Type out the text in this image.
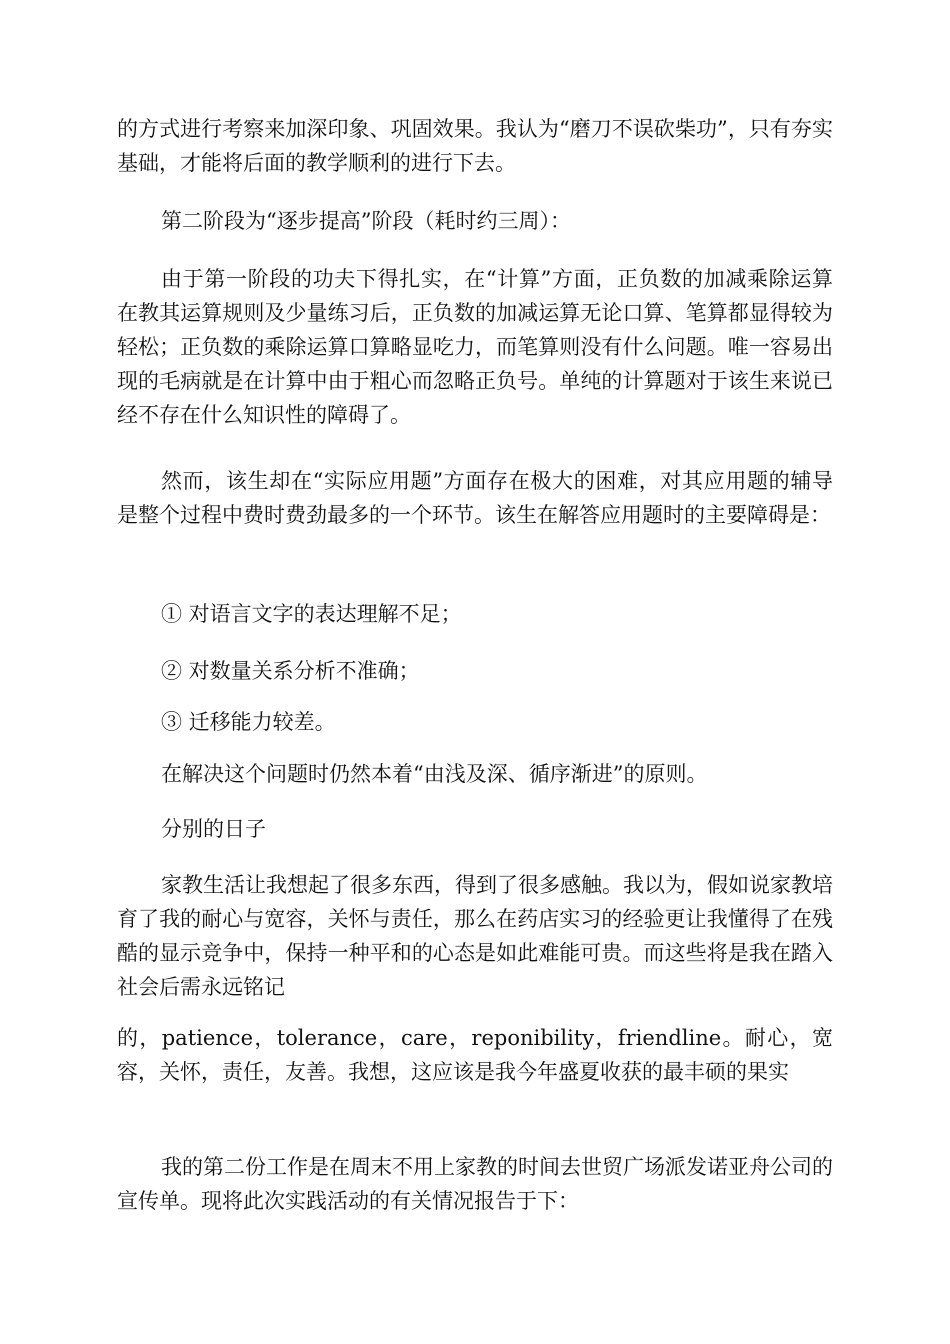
的方式进行考察来加深印象、巩固效果。我认为“磨刀不误砍柴功”，只有夯实基础，才能将后面的教学顺利的进行下去。

第二阶段为“逐步提高”阶段（耗时约三周）：

由于第一阶段的功夫下得扎实，在“计算”方面，正负数的加减乘除运算在教其运算规则及少量练习后，正负数的加减运算无论口算、笔算都显得较为轻松；正负数的乘除运算口算略显吃力，而笔算则没有什么问题。唯一容易出现的毛病就是在计算中由于粗心而忽略正负号。单纯的计算题对于该生来说已经不存在什么知识性的障碍了。

然而，该生却在“实际应用题”方面存在极大的困难，对其应用题的辅导是整个过程中费时费劲最多的一个环节。该生在解答应用题时的主要障碍是：

① 对语言文字的表达理解不足；

② 对数量关系分析不准确；

③ 迁移能力较差。

在解决这个问题时仍然本着“由浅及深、循序渐进”的原则。

分别的日子

家教生活让我想起了很多东西，得到了很多感触。我以为，假如说家教培育了我的耐心与宽容，关怀与责任，那么在药店实习的经验更让我懂得了在残酷的显示竞争中，保持一种平和的心态是如此难能可贵。而这些将是我在踏入社会后需永远铭记

的，patience，tolerance，care，reponibility，friendline。耐心，宽容，关怀，责任，友善。我想，这应该是我今年盛夏收获的最丰硕的果实

我的第二份工作是在周末不用上家教的时间去世贸广场派发诺亚舟公司的宣传单。现将此次实践活动的有关情况报告于下：
